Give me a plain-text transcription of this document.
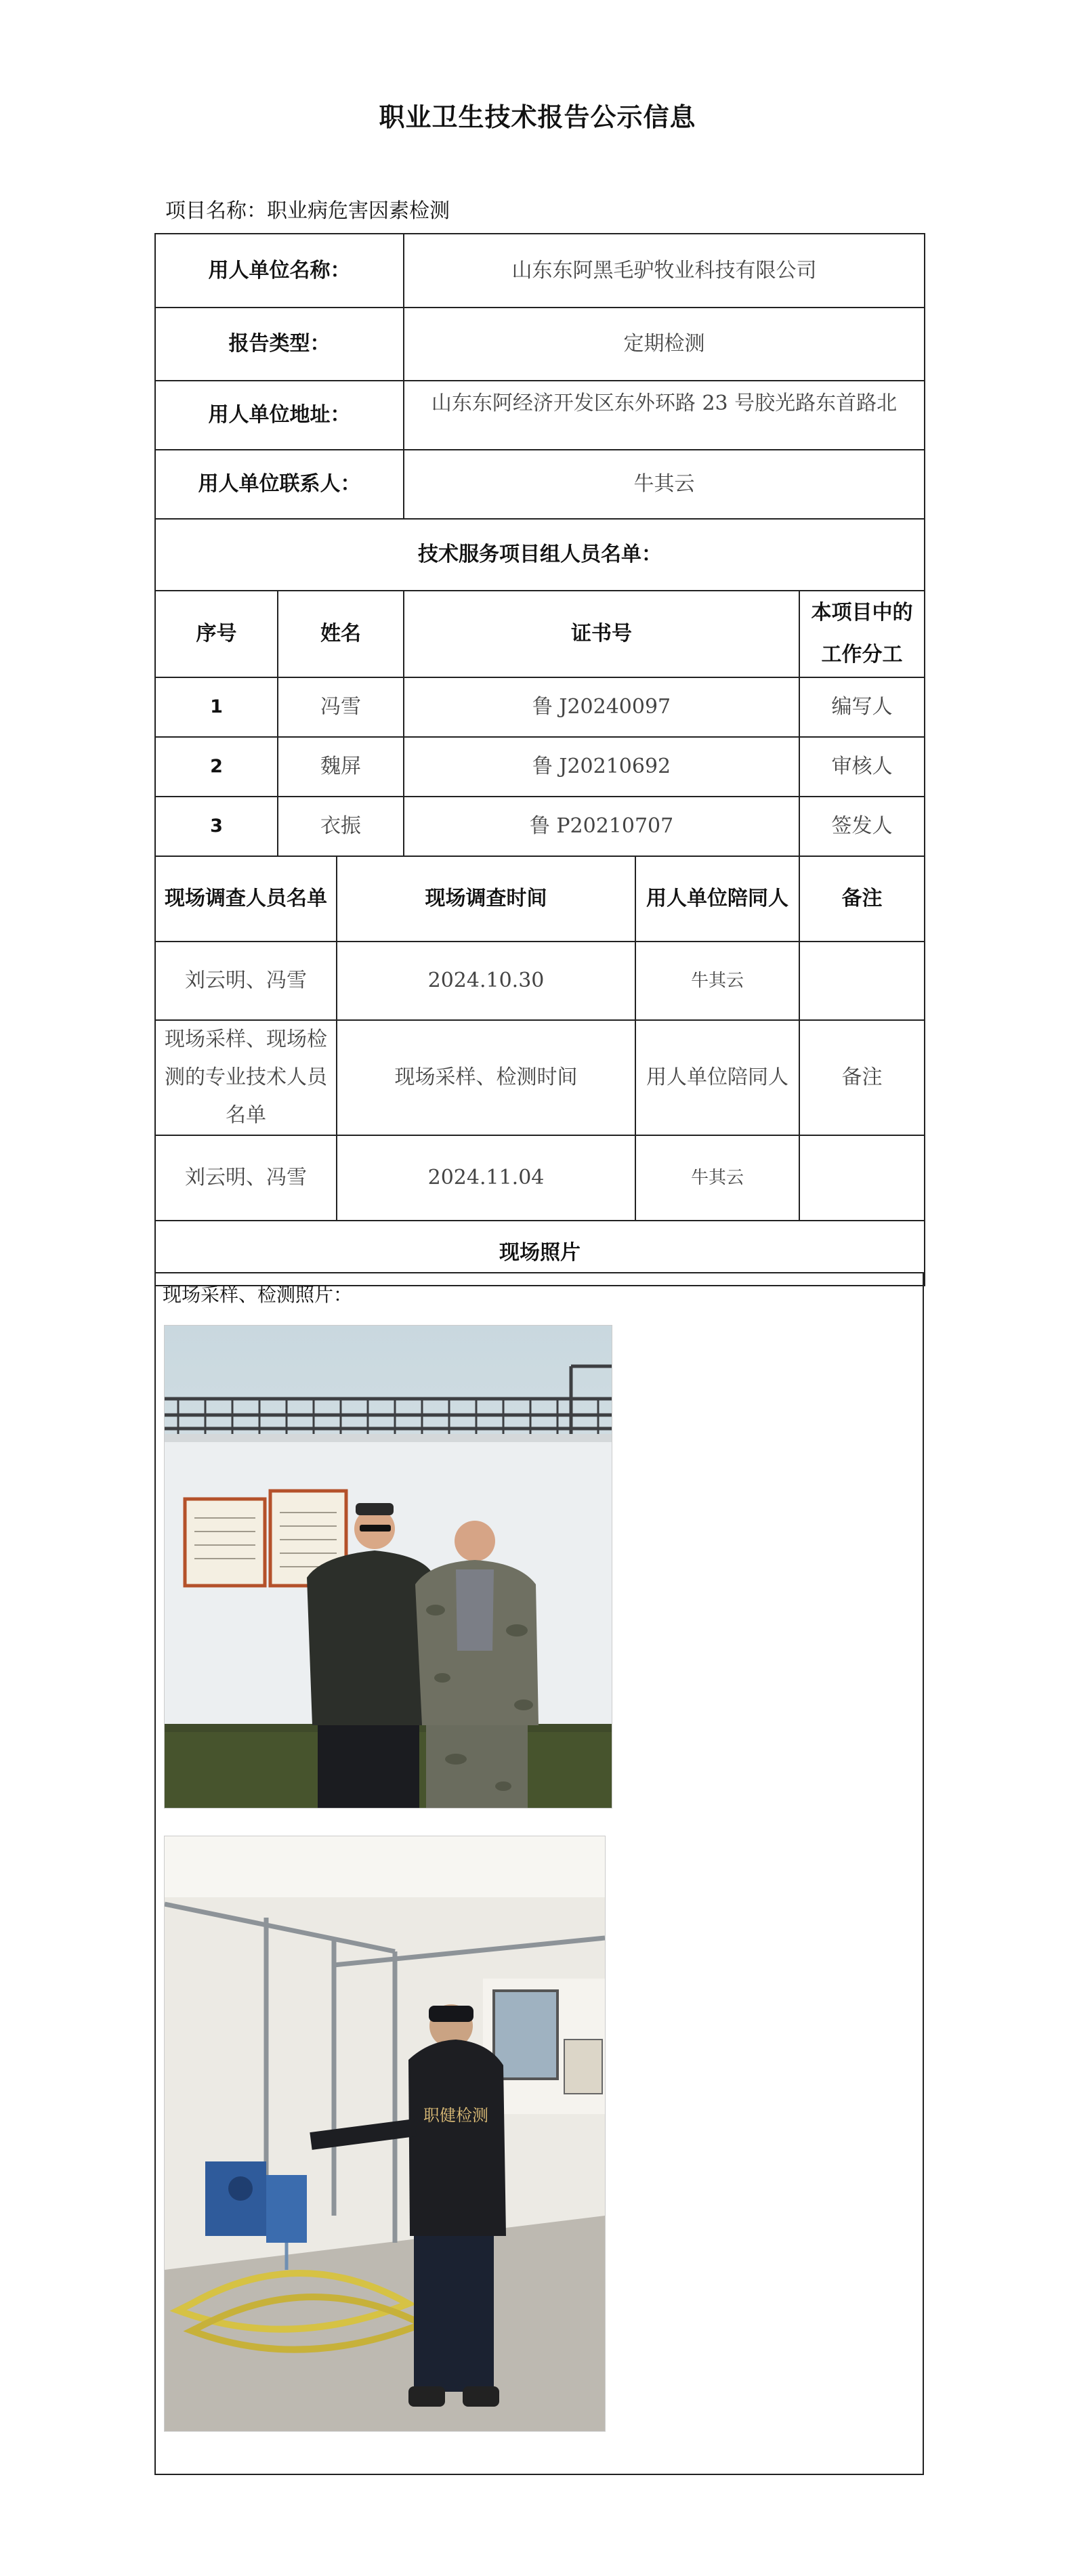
职业卫生技术报告公示信息
项目名称：职业病危害因素检测
用人单位名称：			山东东阿黑毛驴牧业科技有限公司		
报告类型：			定期检测		
用人单位地址：			山东东阿经济开发区东外环路 23 号胶光路东首路北		
用人单位联系人：			牛其云		
技术服务项目组人员名单：					
序号	姓名		证书号		本项目中的工作分工
1	冯雪		鲁 J20240097		编写人
2	魏屏		鲁 J20210692		审核人
3	衣振		鲁 P20210707		签发人
现场调查人员名单		现场调查时间		用人单位陪同人	备注
刘云明、冯雪		2024.10.30		牛其云	
现场采样、现场检测的专业技术人员名单		现场采样、检测时间		用人单位陪同人	备注
刘云明、冯雪		2024.11.04		牛其云	
现场照片					
现场采样、检测照片：
职健检测
